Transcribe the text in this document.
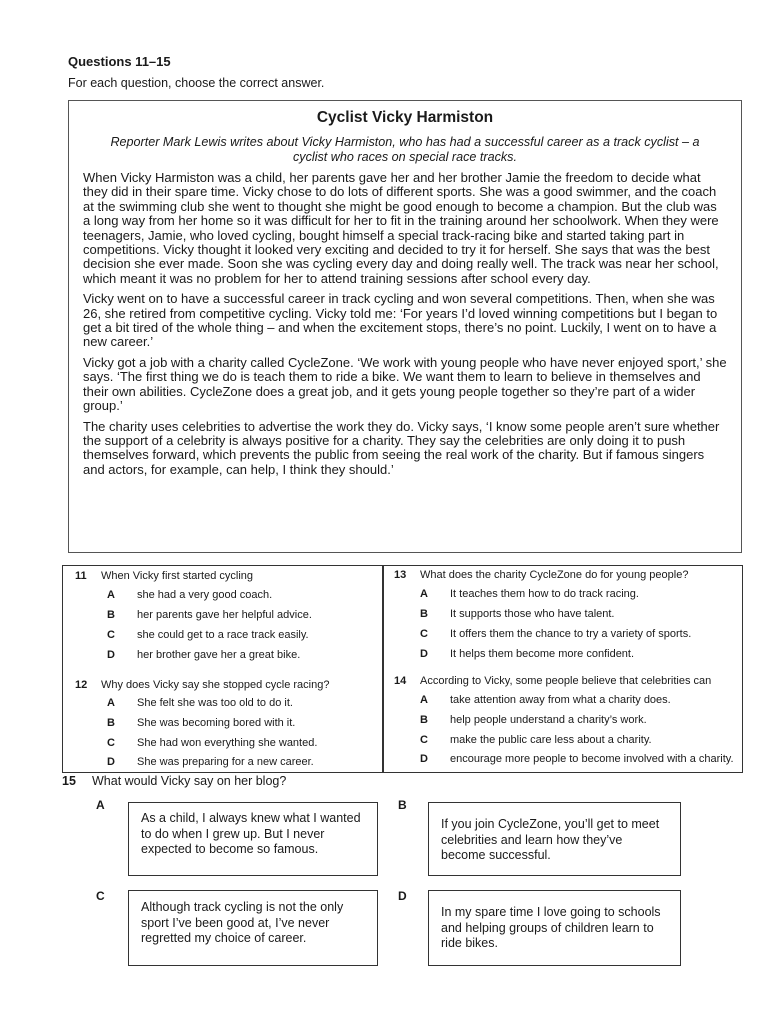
Questions 11–15
For each question, choose the correct answer.
Cyclist Vicky Harmiston
Reporter Mark Lewis writes about Vicky Harmiston, who has had a successful career as a track cyclist – a cyclist who races on special race tracks.

When Vicky Harmiston was a child, her parents gave her and her brother Jamie the freedom to decide what they did in their spare time. Vicky chose to do lots of different sports. She was a good swimmer, and the coach at the swimming club she went to thought she might be good enough to become a champion. But the club was a long way from her home so it was difficult for her to fit in the training around her schoolwork. When they were teenagers, Jamie, who loved cycling, bought himself a special track-racing bike and started taking part in competitions. Vicky thought it looked very exciting and decided to try it for herself. She says that was the best decision she ever made. Soon she was cycling every day and doing really well. The track was near her school, which meant it was no problem for her to attend training sessions after school every day.

Vicky went on to have a successful career in track cycling and won several competitions. Then, when she was 26, she retired from competitive cycling. Vicky told me: ‘For years I’d loved winning competitions but I began to get a bit tired of the whole thing – and when the excitement stops, there’s no point. Luckily, I went on to have a new career.’

Vicky got a job with a charity called CycleZone. ‘We work with young people who have never enjoyed sport,’ she says. ‘The first thing we do is teach them to ride a bike. We want them to learn to believe in themselves and their own abilities. CycleZone does a great job, and it gets young people together so they’re part of a wider group.’

The charity uses celebrities to advertise the work they do. Vicky says, ‘I know some people aren’t sure whether the support of a celebrity is always positive for a charity. They say the celebrities are only doing it to push themselves forward, which prevents the public from seeing the real work of the charity. But if famous singers and actors, for example, can help, I think they should.’

11	When Vicky first started cycling
A she had a very good coach.
B her parents gave her helpful advice.
C she could get to a race track easily.
D her brother gave her a great bike.
12	Why does Vicky say she stopped cycle racing?
A She felt she was too old to do it.
B She was becoming bored with it.
C She had won everything she wanted.
D She was preparing for a new career.
13	What does the charity CycleZone do for young people?
A It teaches them how to do track racing.
B It supports those who have talent.
C It offers them the chance to try a variety of sports.
D It helps them become more confident.
14	According to Vicky, some people believe that celebrities can
A take attention away from what a charity does.
B help people understand a charity’s work.
C make the public care less about a charity.
D encourage more people to become involved with a charity.
15 What would Vicky say on her blog?
A
As a child, I always knew what I wanted to do when I grew up. But I never expected to become so famous.
B
If you join CycleZone, you’ll get to meet celebrities and learn how they’ve become successful.
C
Although track cycling is not the only sport I’ve been good at, I’ve never regretted my choice of career.
D
In my spare time I love going to schools and helping groups of children learn to ride bikes.
